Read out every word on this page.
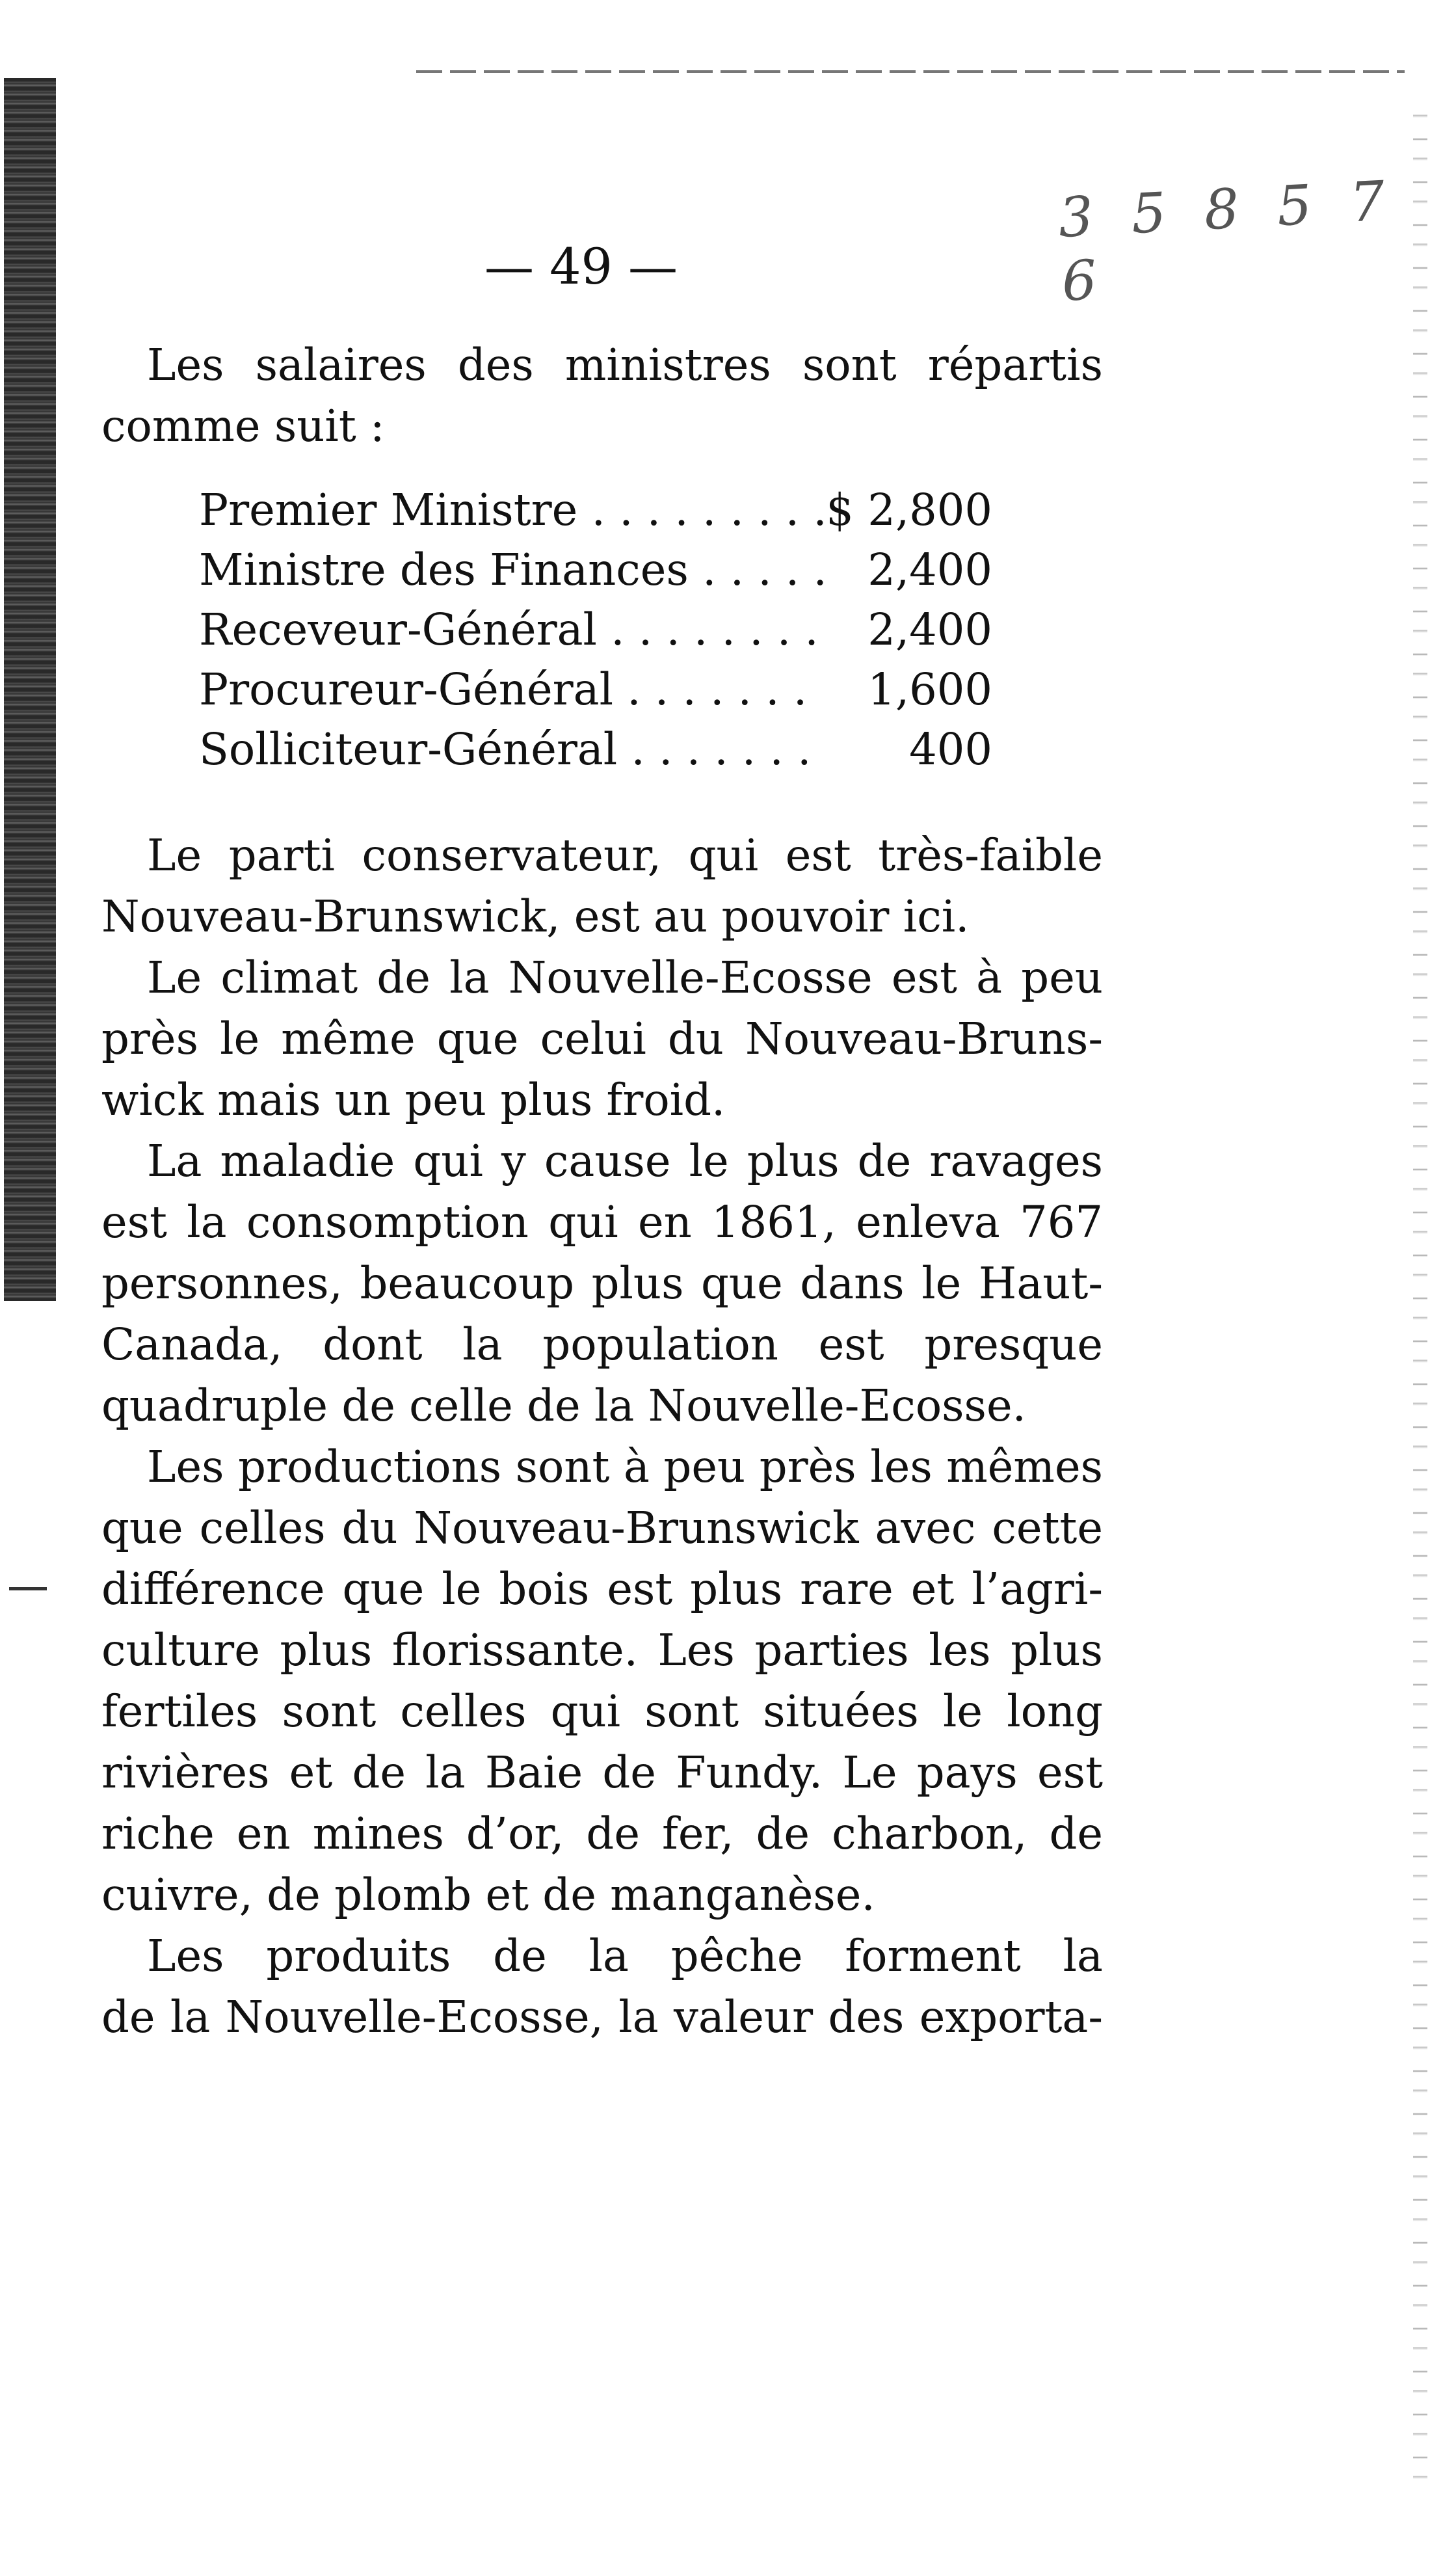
3 5 8 5 7 6
— 49 —
Les salaires des ministres sont répartis
comme suit :
Premier Ministre . . .	$ 2,800
Ministre des Finances . . .	2,400
Receveur-Général . . .	2,400
Procureur-Général . . .	1,600
Solliciteur-Général . . .	400
Le parti conservateur, qui est très-faible
Nouveau-Brunswick, est au pouvoir ici.
Le climat de la Nouvelle-Ecosse est à peu
près le même que celui du Nouveau-Bruns-
wick mais un peu plus froid.
La maladie qui y cause le plus de ravages
est la consomption qui en 1861, enleva 767
personnes, beaucoup plus que dans le Haut-
Canada, dont la population est presque
quadruple de celle de la Nouvelle-Ecosse.
Les productions sont à peu près les mêmes
que celles du Nouveau-Brunswick avec cette
différence que le bois est plus rare et l’agri-
culture plus florissante. Les parties les plus
fertiles sont celles qui sont situées le long
rivières et de la Baie de Fundy. Le pays est
riche en mines d’or, de fer, de charbon, de
cuivre, de plomb et de manganèse.
Les produits de la pêche forment la
de la Nouvelle-Ecosse, la valeur des exporta-
